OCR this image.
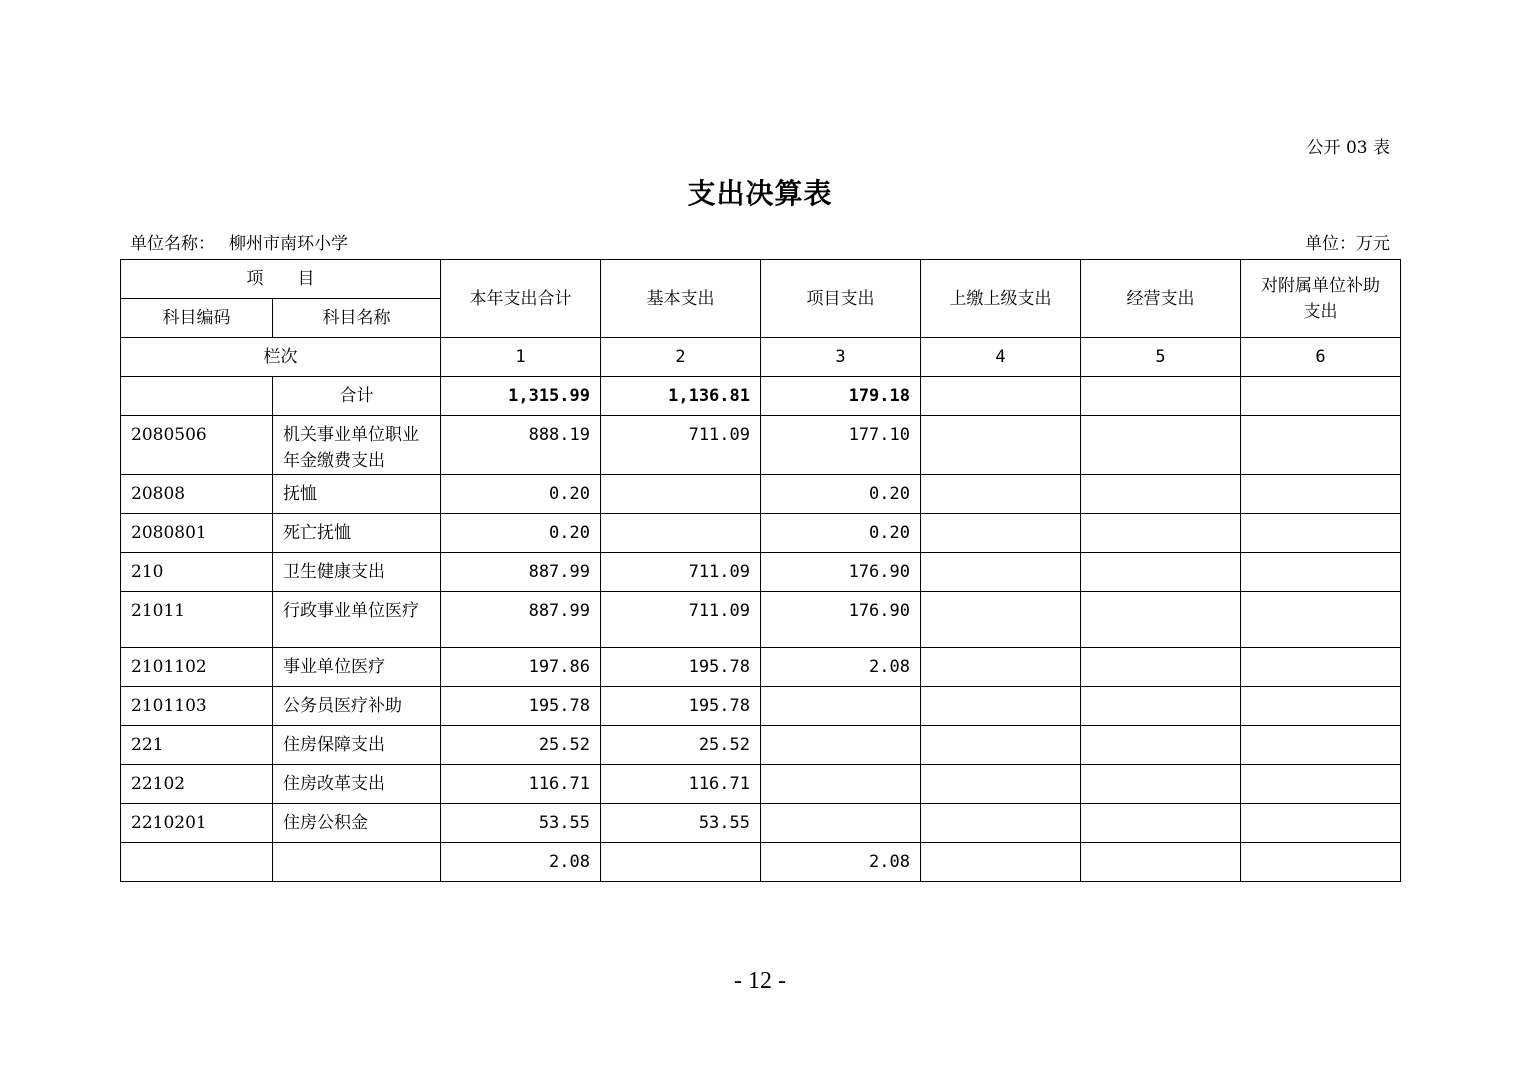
公开 03 表
支出决算表
单位名称： 柳州市南环小学	单位：万元
项　　目		本年支出合计	基本支出	项目支出	上缴上级支出	经营支出	对附属单位补助支出
科目编码	科目名称						
栏次		1	2	3	4	5	6
	合计	1,315.99	1,136.81	179.18			
2080506	机关事业单位职业年金缴费支出	888.19	711.09	177.10			
20808	抚恤	0.20		0.20			
2080801	死亡抚恤	0.20		0.20			
210	卫生健康支出	887.99	711.09	176.90			
21011	行政事业单位医疗	887.99	711.09	176.90			
2101102	事业单位医疗	197.86	195.78	2.08			
2101103	公务员医疗补助	195.78	195.78				
221	住房保障支出	25.52	25.52				
22102	住房改革支出	116.71	116.71				
2210201	住房公积金	53.55	53.55				
		2.08		2.08			
- 12 -
